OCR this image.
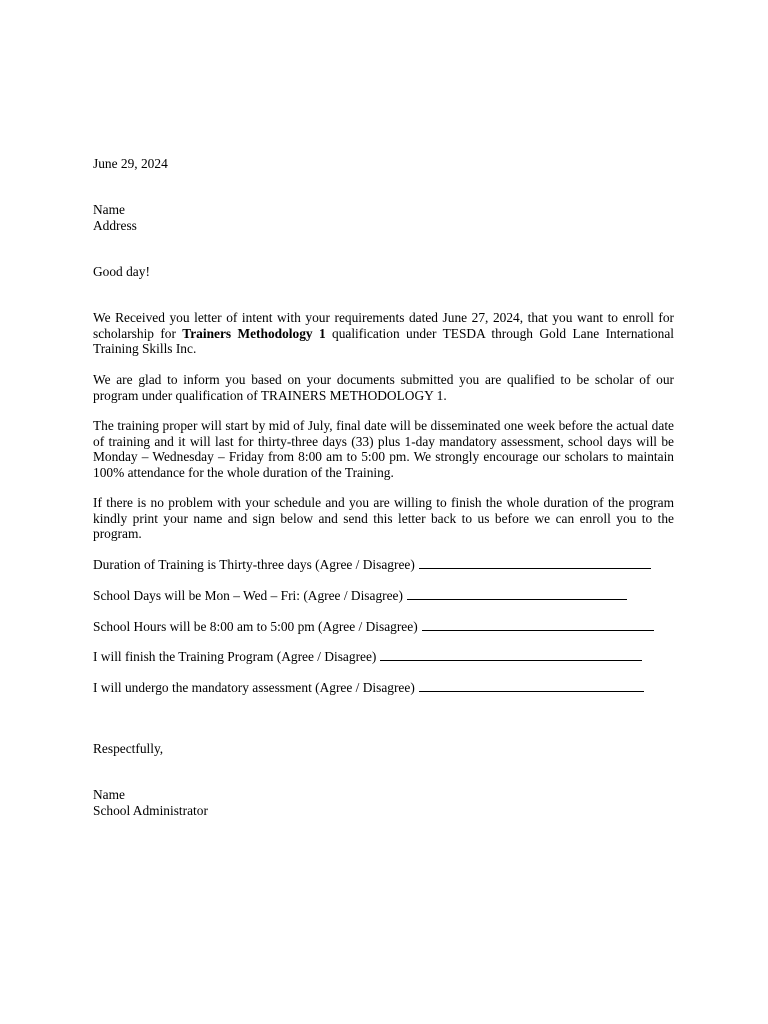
June 29, 2024
Name
Address
Good day!
We Received you letter of intent with your requirements dated June 27, 2024, that you want to enroll for scholarship for Trainers Methodology 1 qualification under TESDA through Gold Lane International Training Skills Inc.
We are glad to inform you based on your documents submitted you are qualified to be scholar of our program under qualification of TRAINERS METHODOLOGY 1.
The training proper will start by mid of July, final date will be disseminated one week before the actual date of training and it will last for thirty-three days (33) plus 1-day mandatory assessment, school days will be Monday – Wednesday – Friday from 8:00 am to 5:00 pm. We strongly encourage our scholars to maintain 100% attendance for the whole duration of the Training.
If there is no problem with your schedule and you are willing to finish the whole duration of the program kindly print your name and sign below and send this letter back to us before we can enroll you to the program.
Duration of Training is Thirty-three days (Agree / Disagree)
School Days will be Mon – Wed – Fri: (Agree / Disagree)
School Hours will be 8:00 am to 5:00 pm (Agree / Disagree)
I will finish the Training Program (Agree / Disagree)
I will undergo the mandatory assessment (Agree / Disagree)
Respectfully,
Name
School Administrator
